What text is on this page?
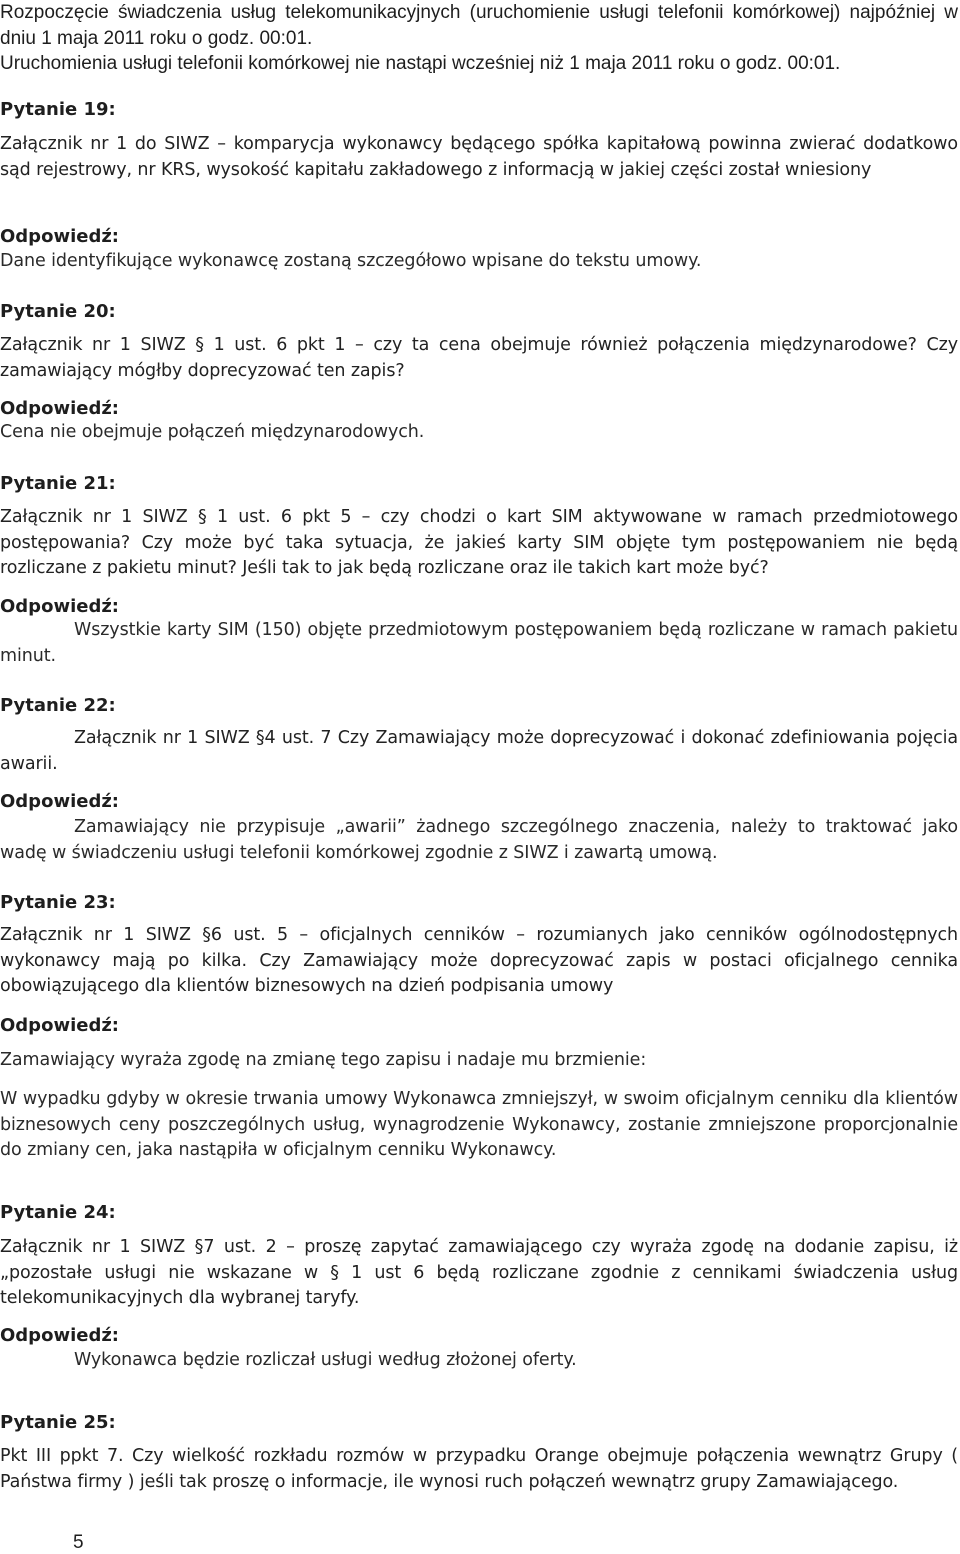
Rozpoczęcie świadczenia usług telekomunikacyjnych (uruchomienie usługi telefonii komórkowej) najpóźniej w dniu 1 maja 2011 roku o godz. 00:01.
Uruchomienia usługi telefonii komórkowej nie nastąpi wcześniej niż 1 maja 2011 roku o godz. 00:01.
Pytanie 19:
Załącznik nr 1 do SIWZ – komparycja wykonawcy będącego spółka kapitałową powinna zwierać dodatkowo sąd rejestrowy, nr KRS, wysokość kapitału zakładowego z informacją w jakiej części został wniesiony
Odpowiedź:
Dane identyfikujące wykonawcę zostaną szczegółowo wpisane do tekstu umowy.
Pytanie 20:
Załącznik nr 1 SIWZ § 1 ust. 6 pkt 1 – czy ta cena obejmuje również połączenia międzynarodowe? Czy zamawiający mógłby doprecyzować ten zapis?
Odpowiedź:
Cena nie obejmuje połączeń międzynarodowych.
Pytanie 21:
Załącznik nr 1 SIWZ § 1 ust. 6 pkt 5 – czy chodzi o kart SIM aktywowane w ramach przedmiotowego postępowania? Czy może być taka sytuacja, że jakieś karty SIM objęte tym postępowaniem nie będą rozliczane z pakietu minut? Jeśli tak to jak będą rozliczane oraz ile takich kart może być?
Odpowiedź:
Wszystkie karty SIM (150) objęte przedmiotowym postępowaniem będą rozliczane w ramach pakietu minut.
Pytanie 22:
Załącznik nr 1 SIWZ §4 ust. 7 Czy Zamawiający może doprecyzować i dokonać zdefiniowania pojęcia awarii.
Odpowiedź:
Zamawiający nie przypisuje „awarii” żadnego szczególnego znaczenia, należy to traktować jako wadę w świadczeniu usługi telefonii komórkowej zgodnie z SIWZ i zawartą umową.
Pytanie 23:
Załącznik nr 1 SIWZ §6 ust. 5 – oficjalnych cenników – rozumianych jako cenników ogólnodostępnych wykonawcy mają po kilka. Czy Zamawiający może doprecyzować zapis w postaci oficjalnego cennika obowiązującego dla klientów biznesowych na dzień podpisania umowy
Odpowiedź:
Zamawiający wyraża zgodę na zmianę tego zapisu i nadaje mu brzmienie:
W wypadku gdyby w okresie trwania umowy Wykonawca zmniejszył, w swoim oficjalnym cenniku dla klientów biznesowych ceny poszczególnych usług, wynagrodzenie Wykonawcy, zostanie zmniejszone proporcjonalnie do zmiany cen, jaka nastąpiła w oficjalnym cenniku Wykonawcy.
Pytanie 24:
Załącznik nr 1 SIWZ §7 ust. 2 – proszę zapytać zamawiającego czy wyraża zgodę na dodanie zapisu, iż „pozostałe usługi nie wskazane w § 1 ust 6 będą rozliczane zgodnie z cennikami świadczenia usług telekomunikacyjnych dla wybranej taryfy.
Odpowiedź:
Wykonawca będzie rozliczał usługi według złożonej oferty.
Pytanie 25:
Pkt III ppkt 7. Czy wielkość rozkładu rozmów w przypadku Orange obejmuje połączenia wewnątrz Grupy ( Państwa firmy ) jeśli tak proszę o informacje, ile wynosi ruch połączeń wewnątrz grupy Zamawiającego.
5
